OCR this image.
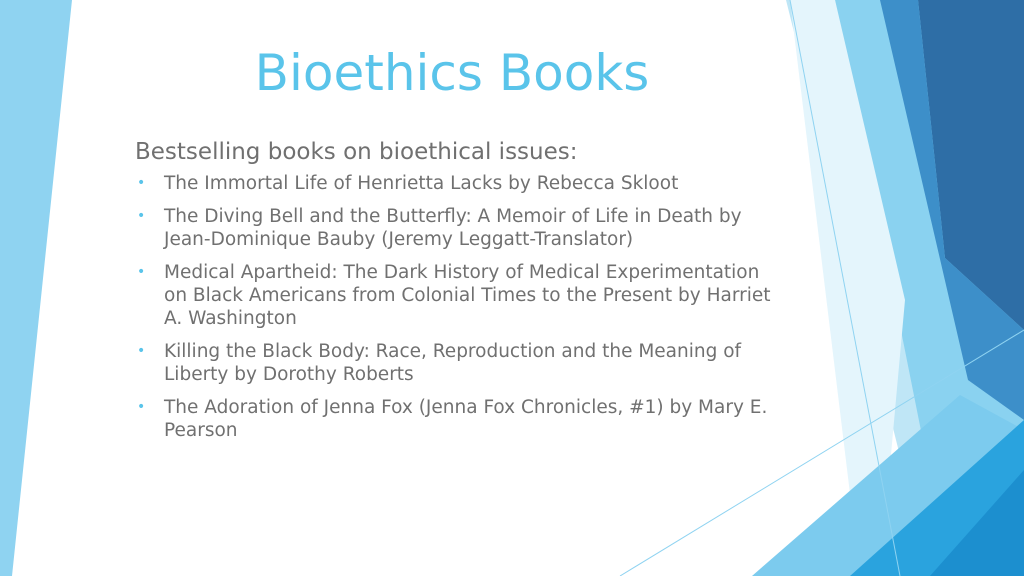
Bioethics Books

Bestselling books on bioethical issues:

• The Immortal Life of Henrietta Lacks by Rebecca Skloot
• The Diving Bell and the Butterfly: A Memoir of Life in Death by Jean-Dominique Bauby (Jeremy Leggatt-Translator)
• Medical Apartheid: The Dark History of Medical Experimentation on Black Americans from Colonial Times to the Present by Harriet A. Washington
• Killing the Black Body: Race, Reproduction and the Meaning of Liberty by Dorothy Roberts
• The Adoration of Jenna Fox (Jenna Fox Chronicles, #1) by Mary E. Pearson
